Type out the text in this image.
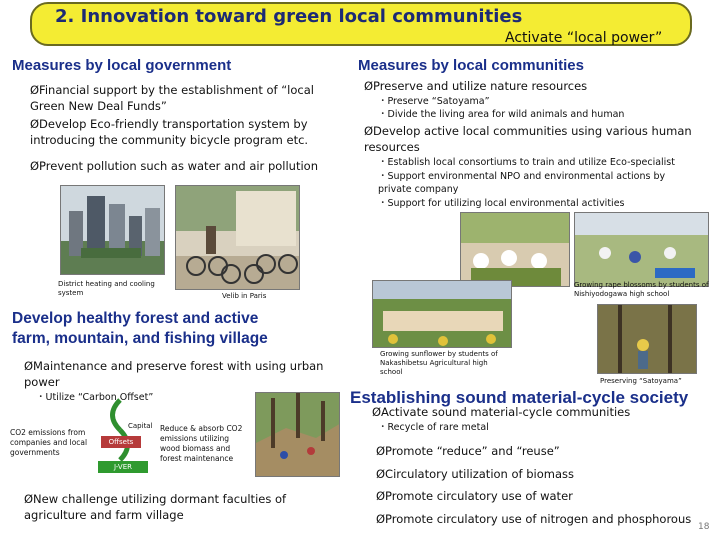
2. Innovation toward green local communities
Activate “local power”
Measures by local government
ØFinancial support by the establishment of “local Green New Deal Funds”
ØDevelop Eco-friendly transportation system by introducing the community bicycle program etc.
ØPrevent pollution such as water and air pollution
District heating and cooling system	Velib in Paris
Develop healthy forest and active
farm, mountain, and fishing village
ØMaintenance and preserve forest with using urban power
・Utilize “Carbon Offset”
CO2 emissions from companies and local governments
Capital
Offsets
J-VER
Reduce & absorb CO2 emissions utilizing wood biomass and forest maintenance
ØNew challenge utilizing dormant faculties of agriculture and farm village
Measures by local communities
ØPreserve and utilize nature resources
・Preserve “Satoyama”
・Divide the living area for wild animals and human
ØDevelop active local communities using various human resources
・Establish local consortiums to train and utilize Eco-specialist
・Support environmental NPO and environmental actions by private company
・Support for utilizing local environmental activities
Growing rape blossoms by students of Nishiyodogawa high school
Growing sunflower by students of Nakashibetsu Agricultural high school
Preserving “Satoyama”
Establishing sound material-cycle society
ØActivate sound material-cycle communities
・Recycle of rare metal
ØPromote “reduce” and “reuse”
ØCirculatory utilization of biomass
ØPromote circulatory use of water
ØPromote circulatory use of nitrogen and phosphorous
18
